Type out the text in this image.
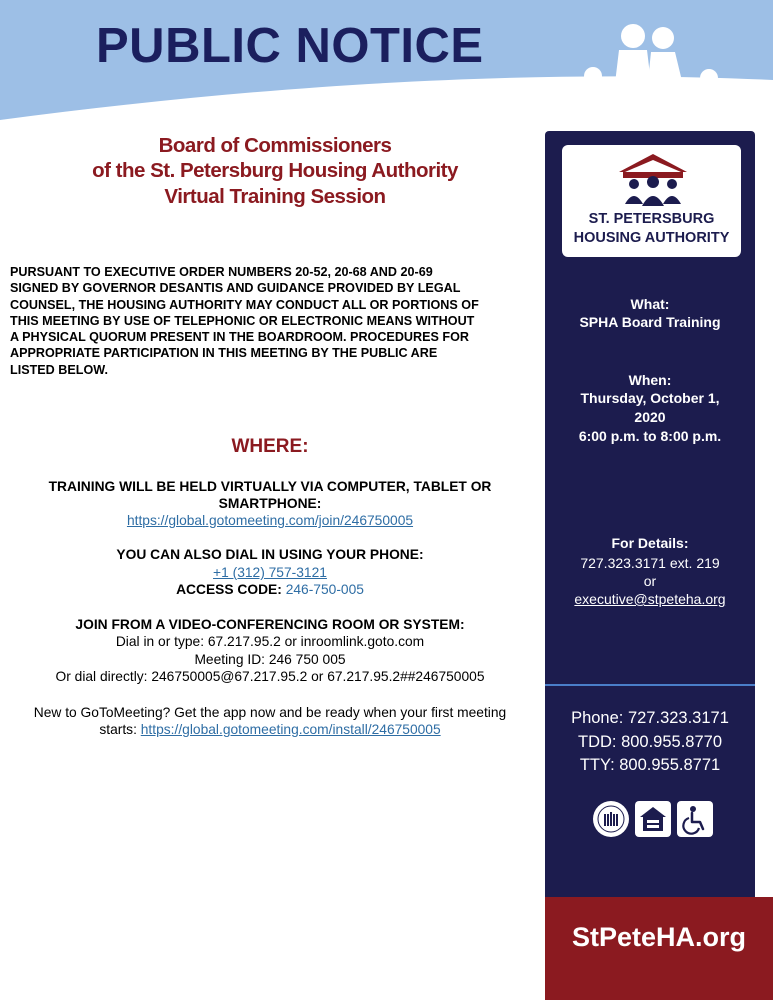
PUBLIC NOTICE
Board of Commissioners
of the St. Petersburg Housing Authority
Virtual Training Session
PURSUANT TO EXECUTIVE ORDER NUMBERS 20-52, 20-68 AND 20-69
SIGNED BY GOVERNOR DESANTIS AND GUIDANCE PROVIDED BY LEGAL
COUNSEL, THE HOUSING AUTHORITY MAY CONDUCT ALL OR PORTIONS OF
THIS MEETING BY USE OF TELEPHONIC OR ELECTRONIC MEANS WITHOUT
A PHYSICAL QUORUM PRESENT IN THE BOARDROOM. PROCEDURES FOR
APPROPRIATE PARTICIPATION IN THIS MEETING BY THE PUBLIC ARE
LISTED BELOW.
WHERE:
TRAINING WILL BE HELD VIRTUALLY VIA COMPUTER, TABLET OR
SMARTPHONE:
https://global.gotomeeting.com/join/246750005
YOU CAN ALSO DIAL IN USING YOUR PHONE:
+1 (312) 757-3121
ACCESS CODE: 246-750-005
JOIN FROM A VIDEO-CONFERENCING ROOM OR SYSTEM:
Dial in or type: 67.217.95.2 or inroomlink.goto.com
Meeting ID: 246 750 005
Or dial directly: 246750005@67.217.95.2 or 67.217.95.2##246750005
New to GoToMeeting? Get the app now and be ready when your first meeting
starts: https://global.gotomeeting.com/install/246750005
ST. PETERSBURG
HOUSING AUTHORITY
What:
SPHA Board Training
When:
Thursday, October 1,
2020
6:00 p.m. to 8:00 p.m.
For Details:
727.323.3171 ext. 219
or
executive@stpeteha.org
Phone: 727.323.3171
TDD: 800.955.8770
TTY: 800.955.8771
StPeteHA.org
